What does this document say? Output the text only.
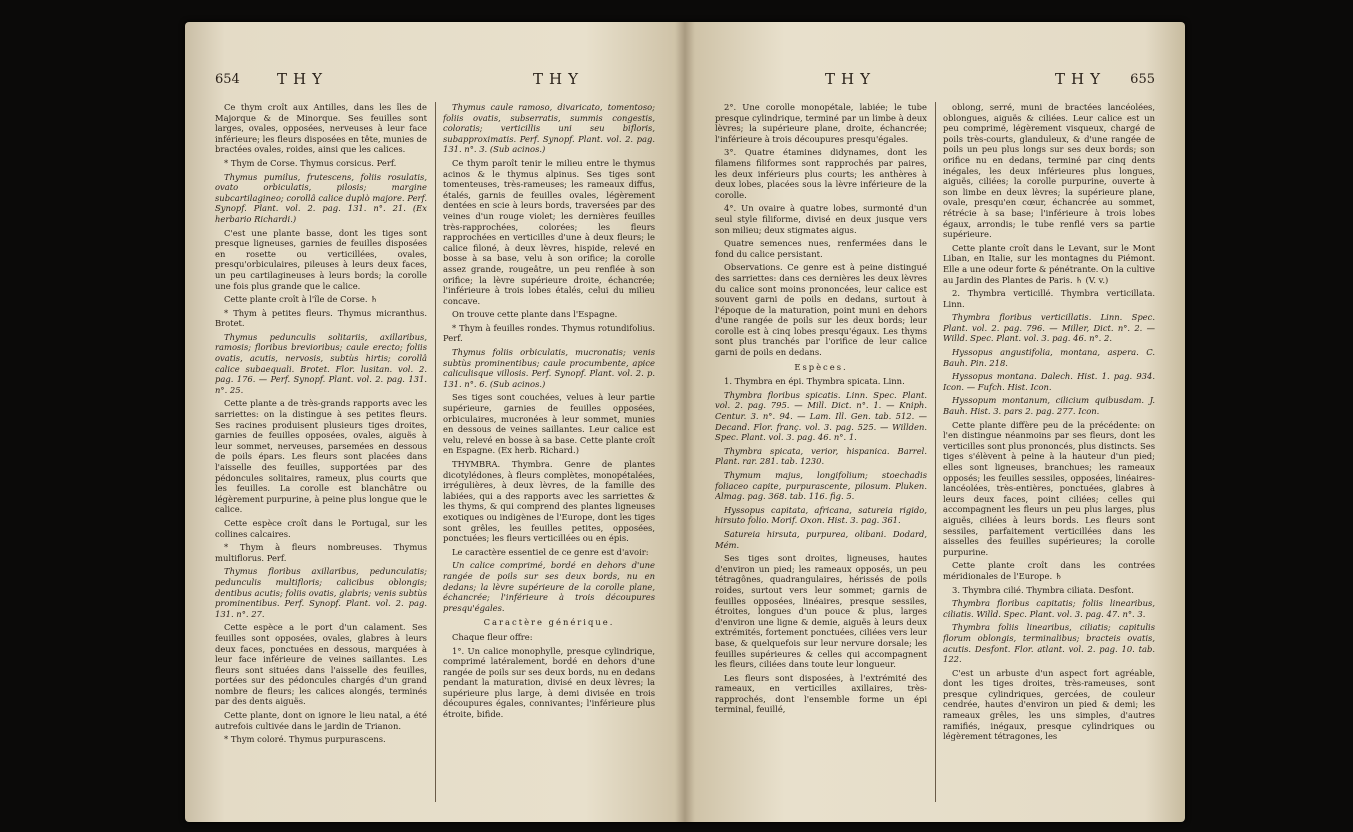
654 THY	THY

Ce thym croît aux Antilles, dans les îles de Majorque & de Minorque. Ses feuilles sont larges, ovales, opposées, nerveuses à leur face inférieure; les fleurs disposées en tête, munies de bractées ovales, roides, ainsi que les calices.

* Thym de Corse. Thymus corsicus. Perf.

Thymus pumilus, frutescens, foliis rosulatis, ovato orbiculatis, pilosis; margine subcartilagineo; corollâ calice duplò majore. Perf. Synopf. Plant. vol. 2. pag. 131. n°. 21. (Ex herbario Richardi.)

C'est une plante basse, dont les tiges sont presque ligneuses, garnies de feuilles disposées en rosette ou verticillées, ovales, presqu'orbiculaires, pileuses à leurs deux faces, un peu cartilagineuses à leurs bords; la corolle une fois plus grande que le calice.

Cette plante croît à l'île de Corse. ♄

* Thym à petites fleurs. Thymus micranthus. Brotet.

Thymus pedunculis solitariis, axillaribus, ramosis; floribus brevioribus; caule erecto; foliis ovatis, acutis, nervosis, subtùs hirtis; corollâ calice subaequali. Brotet. Flor. lusitan. vol. 2. pag. 176. — Perf. Synopf. Plant. vol. 2. pag. 131. n°. 25.

Cette plante a de très-grands rapports avec les sarriettes: on la distingue à ses petites fleurs. Ses racines produisent plusieurs tiges droites, garnies de feuilles opposées, ovales, aiguës à leur sommet, nerveuses, parsemées en dessous de poils épars. Les fleurs sont placées dans l'aisselle des feuilles, supportées par des pédoncules solitaires, rameux, plus courts que les feuilles. La corolle est blanchâtre ou légèrement purpurine, à peine plus longue que le calice.

Cette espèce croît dans le Portugal, sur les collines calcaires.

* Thym à fleurs nombreuses. Thymus multiflorus. Perf.

Thymus floribus axillaribus, pedunculatis; pedunculis multifloris; calicibus oblongis; dentibus acutis; foliis ovatis, glabris; venis subtùs prominentibus. Perf. Synopf. Plant. vol. 2. pag. 131. n°. 27.

Cette espèce a le port d'un calament. Ses feuilles sont opposées, ovales, glabres à leurs deux faces, ponctuées en dessous, marquées à leur face inférieure de veines saillantes. Les fleurs sont situées dans l'aisselle des feuilles, portées sur des pédoncules chargés d'un grand nombre de fleurs; les calices alongés, terminés par des dents aiguës.

Cette plante, dont on ignore le lieu natal, a été autrefois cultivée dans le jardin de Trianon.

* Thym coloré. Thymus purpurascens.

Thymus caule ramoso, divaricato, tomentoso; foliis ovatis, subserratis, summis congestis, coloratis; verticillis uni seu bifloris, subapproximatis. Perf. Synopf. Plant. vol. 2. pag. 131. n°. 3. (Sub acinos.)

Ce thym paroît tenir le milieu entre le thymus acinos & le thymus alpinus. Ses tiges sont tomenteuses, très-rameuses; les rameaux diffus, étalés, garnis de feuilles ovales, légèrement dentées en scie à leurs bords, traversées par des veines d'un rouge violet; les dernières feuilles très-rapprochées, colorées; les fleurs rapprochées en verticilles d'une à deux fleurs; le calice filoné, à deux lèvres, hispide, relevé en bosse à sa base, velu à son orifice; la corolle assez grande, rougeâtre, un peu renflée à son orifice; la lèvre supérieure droite, échancrée; l'inférieure à trois lobes étalés, celui du milieu concave.

On trouve cette plante dans l'Espagne.

* Thym à feuilles rondes. Thymus rotundifolius. Perf.

Thymus foliis orbiculatis, mucronatis; venis subtùs prominentibus; caule procumbente, apice caliculisque villosis. Perf. Synopf. Plant. vol. 2. p. 131. n°. 6. (Sub acinos.)

Ses tiges sont couchées, velues à leur partie supérieure, garnies de feuilles opposées, orbiculaires, mucronées à leur sommet, munies en dessous de veines saillantes. Leur calice est velu, relevé en bosse à sa base. Cette plante croît en Espagne. (Ex herb. Richard.)

THYMBRA. Thymbra. Genre de plantes dicotylédones, à fleurs complètes, monopétalées, irrégulières, à deux lèvres, de la famille des labiées, qui a des rapports avec les sarriettes & les thyms, & qui comprend des plantes ligneuses exotiques ou indigènes de l'Europe, dont les tiges sont grêles, les feuilles petites, opposées, ponctuées; les fleurs verticillées ou en épis.

Le caractère essentiel de ce genre est d'avoir:

Un calice comprimé, bordé en dehors d'une rangée de poils sur ses deux bords, nu en dedans; la lèvre supérieure de la corolle plane, échancrée; l'inférieure à trois découpures presqu'égales.

Caractère générique.

Chaque fleur offre:

1°. Un calice monophylle, presque cylindrique, comprimé latéralement, bordé en dehors d'une rangée de poils sur ses deux bords, nu en dedans pendant la maturation, divisé en deux lèvres; la supérieure plus large, à demi divisée en trois découpures égales, connivantes; l'inférieure plus étroite, bifide.

THY	THY 655

2°. Une corolle monopétale, labiée; le tube presque cylindrique, terminé par un limbe à deux lèvres; la supérieure plane, droite, échancrée; l'inférieure à trois découpures presqu'égales.

3°. Quatre étamines didynames, dont les filamens filiformes sont rapprochés par paires, les deux inférieurs plus courts; les anthères à deux lobes, placées sous la lèvre inférieure de la corolle.

4°. Un ovaire à quatre lobes, surmonté d'un seul style filiforme, divisé en deux jusque vers son milieu; deux stigmates aigus.

Quatre semences nues, renfermées dans le fond du calice persistant.

Observations. Ce genre est à peine distingué des sarriettes: dans ces dernières les deux lèvres du calice sont moins prononcées, leur calice est souvent garni de poils en dedans, surtout à l'époque de la maturation, point muni en dehors d'une rangée de poils sur les deux bords; leur corolle est à cinq lobes presqu'égaux. Les thyms sont plus tranchés par l'orifice de leur calice garni de poils en dedans.

Espèces.

1. Thymbra en épi. Thymbra spicata. Linn.

Thymbra floribus spicatis. Linn. Spec. Plant. vol. 2. pag. 795. — Mill. Dict. n°. 1. — Kniph. Centur. 3. n°. 94. — Lam. Ill. Gen. tab. 512. — Decand. Flor. franç. vol. 3. pag. 525. — Willden. Spec. Plant. vol. 3. pag. 46. n°. 1.

Thymbra spicata, verior, hispanica. Barrel. Plant. rar. 281. tab. 1230.

Thymum majus, longifolium; stoechadis foliaceo capite, purpurascente, pilosum. Pluken. Almag. pag. 368. tab. 116. fig. 5.

Hyssopus capitata, africana, satureia rigido, hirsuto folio. Morif. Oxon. Hist. 3. pag. 361.

Satureia hirsuta, purpurea, olibani. Dodard, Mém.

Ses tiges sont droites, ligneuses, hautes d'environ un pied; les rameaux opposés, un peu tétragônes, quadrangulaires, hérissés de poils roides, surtout vers leur sommet; garnis de feuilles opposées, linéaires, presque sessiles, étroites, longues d'un pouce & plus, larges d'environ une ligne & demie, aiguës à leurs deux extrémités, fortement ponctuées, ciliées vers leur base, & quelquefois sur leur nervure dorsale; les feuilles supérieures & celles qui accompagnent les fleurs, ciliées dans toute leur longueur.

Les fleurs sont disposées, à l'extrémité des rameaux, en verticilles axillaires, très-rapprochés, dont l'ensemble forme un épi terminal, feuillé,

oblong, serré, muni de bractées lancéolées, oblongues, aiguës & ciliées. Leur calice est un peu comprimé, légèrement visqueux, chargé de poils très-courts, glanduleux, & d'une rangée de poils un peu plus longs sur ses deux bords; son orifice nu en dedans, terminé par cinq dents inégales, les deux inférieures plus longues, aiguës, ciliées; la corolle purpurine, ouverte à son limbe en deux lèvres; la supérieure plane, ovale, presqu'en cœur, échancrée au sommet, rétrécie à sa base; l'inférieure à trois lobes égaux, arrondis; le tube renflé vers sa partie supérieure.

Cette plante croît dans le Levant, sur le Mont Liban, en Italie, sur les montagnes du Piémont. Elle a une odeur forte & pénétrante. On la cultive au Jardin des Plantes de Paris. ♄ (V. v.)

2. Thymbra verticillé. Thymbra verticillata. Linn.

Thymbra floribus verticillatis. Linn. Spec. Plant. vol. 2. pag. 796. — Miller, Dict. n°. 2. — Willd. Spec. Plant. vol. 3. pag. 46. n°. 2.

Hyssopus angustifolia, montana, aspera. C. Bauh. Pin. 218.

Hyssopus montana. Dalech. Hist. 1. pag. 934. Icon. — Fufch. Hist. Icon.

Hyssopum montanum, cilicium quibusdam. J. Bauh. Hist. 3. pars 2. pag. 277. Icon.

Cette plante diffère peu de la précédente: on l'en distingue néanmoins par ses fleurs, dont les verticilles sont plus prononcés, plus distincts. Ses tiges s'élèvent à peine à la hauteur d'un pied; elles sont ligneuses, branchues; les rameaux opposés; les feuilles sessiles, opposées, linéaires-lancéolées, très-entières, ponctuées, glabres à leurs deux faces, point ciliées; celles qui accompagnent les fleurs un peu plus larges, plus aiguës, ciliées à leurs bords. Les fleurs sont sessiles, parfaitement verticillées dans les aisselles des feuilles supérieures; la corolle purpurine.

Cette plante croît dans les contrées méridionales de l'Europe. ♄

3. Thymbra cilié. Thymbra ciliata. Desfont.

Thymbra floribus capitatis; foliis linearibus, ciliatis. Willd. Spec. Plant. vol. 3. pag. 47. n°. 3.

Thymbra foliis linearibus, ciliatis; capitulis florum oblongis, terminalibus; bracteis ovatis, acutis. Desfont. Flor. atlant. vol. 2. pag. 10. tab. 122.

C'est un arbuste d'un aspect fort agréable, dont les tiges droites, très-rameuses, sont presque cylindriques, gercées, de couleur cendrée, hautes d'environ un pied & demi; les rameaux grêles, les uns simples, d'autres ramifiés, inégaux, presque cylindriques ou légèrement tétragones, les
